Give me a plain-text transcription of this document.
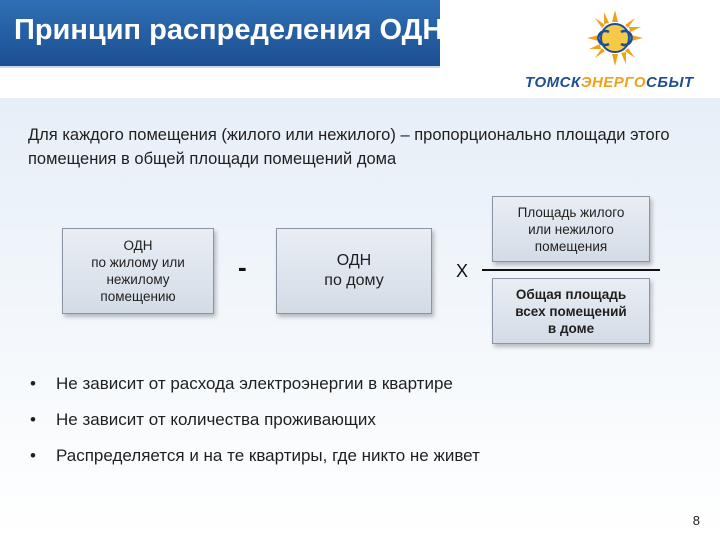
Принцип распределения ОДН
ТОМСКЭНЕРГОСБЫТ
Для каждого помещения (жилого или нежилого) – пропорционально площади этого помещения в общей площади помещений дома
ОДН
по жилому или
нежилому
помещению
-	ОДН
по дому	Х
Площадь жилого
или нежилого
помещения
Общая площадь
всех помещений
в доме
• Не зависит от расхода электроэнергии в квартире
• Не зависит от количества проживающих
• Распределяется и на те квартиры, где никто не живет
8
